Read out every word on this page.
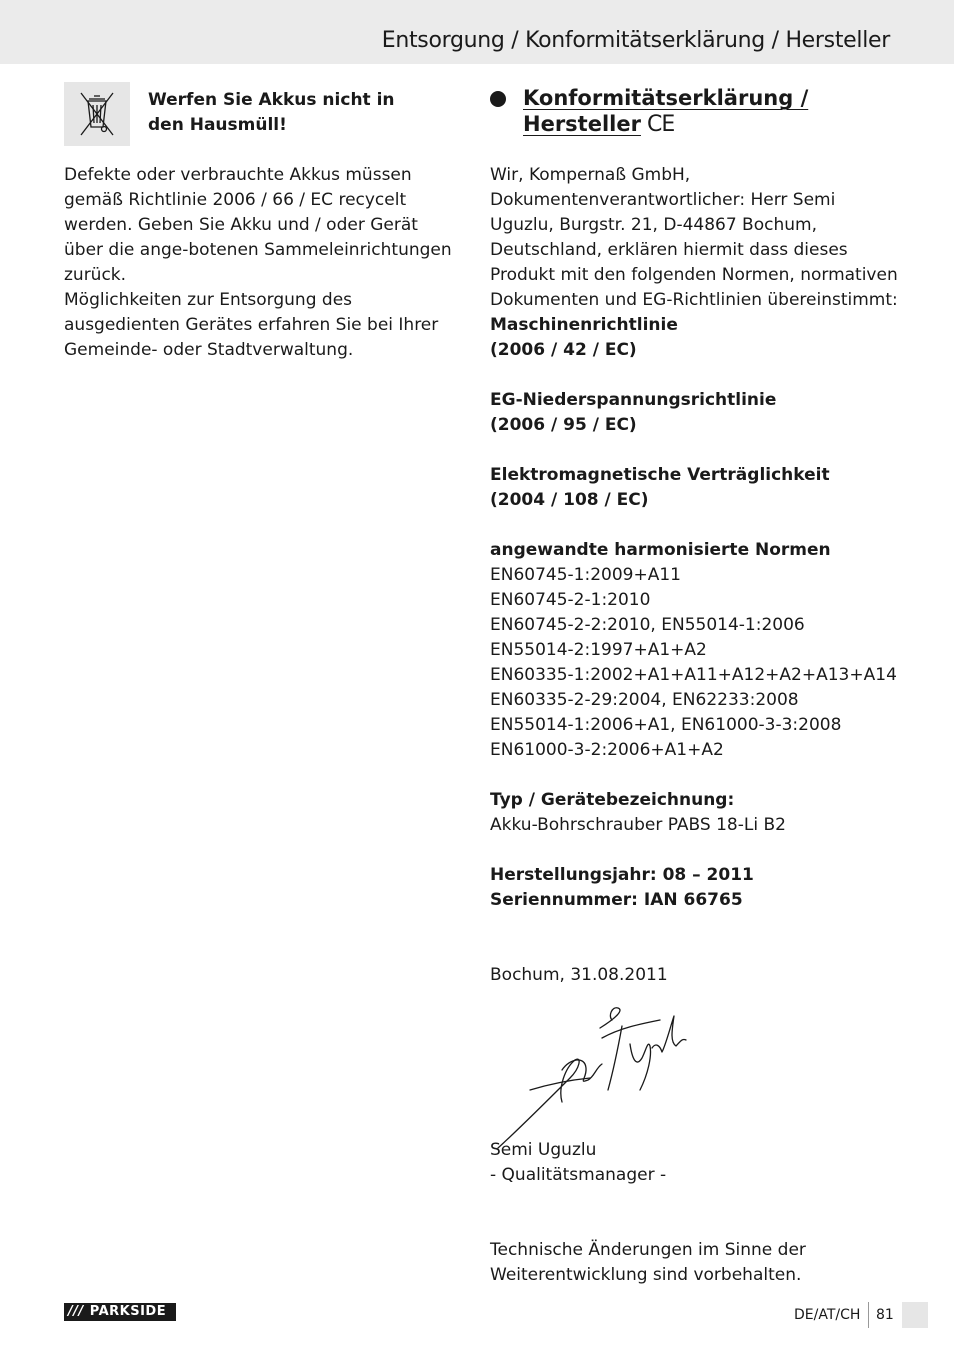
Entsorgung / Konformitätserklärung / Hersteller
Werfen Sie Akkus nicht in den Hausmüll!
Defekte oder verbrauchte Akkus müssen gemäß Richtlinie 2006 / 66 / EC recycelt werden. Geben Sie Akku und / oder Gerät über die ange-botenen Sammeleinrichtungen zurück.
Möglichkeiten zur Entsorgung des ausgedienten Gerätes erfahren Sie bei Ihrer Gemeinde- oder Stadtverwaltung.
Konformitätserklärung /
Hersteller CE
Wir, Kompernaß GmbH, Dokumentenverantwortlicher: Herr Semi Uguzlu, Burgstr. 21, D-44867 Bochum, Deutschland, erklären hiermit dass dieses Produkt mit den folgenden Normen, normativen Dokumenten und EG-Richtlinien übereinstimmt:
Maschinenrichtlinie
(2006 / 42 / EC)
EG-Niederspannungsrichtlinie
(2006 / 95 / EC)
Elektromagnetische Verträglichkeit
(2004 / 108 / EC)
angewandte harmonisierte Normen
EN60745-1:2009+A11
EN60745-2-1:2010
EN60745-2-2:2010, EN55014-1:2006
EN55014-2:1997+A1+A2
EN60335-1:2002+A1+A11+A12+A2+A13+A14
EN60335-2-29:2004, EN62233:2008
EN55014-1:2006+A1, EN61000-3-3:2008
EN61000-3-2:2006+A1+A2
Typ / Gerätebezeichnung:
Akku-Bohrschrauber PABS 18-Li B2
Herstellungsjahr: 08 – 2011
Seriennummer: IAN 66765
Bochum, 31.08.2011
Semi Uguzlu
- Qualitätsmanager -
Technische Änderungen im Sinne der Weiterentwicklung sind vorbehalten.
/// PARKSIDE	DE/AT/CH 81
